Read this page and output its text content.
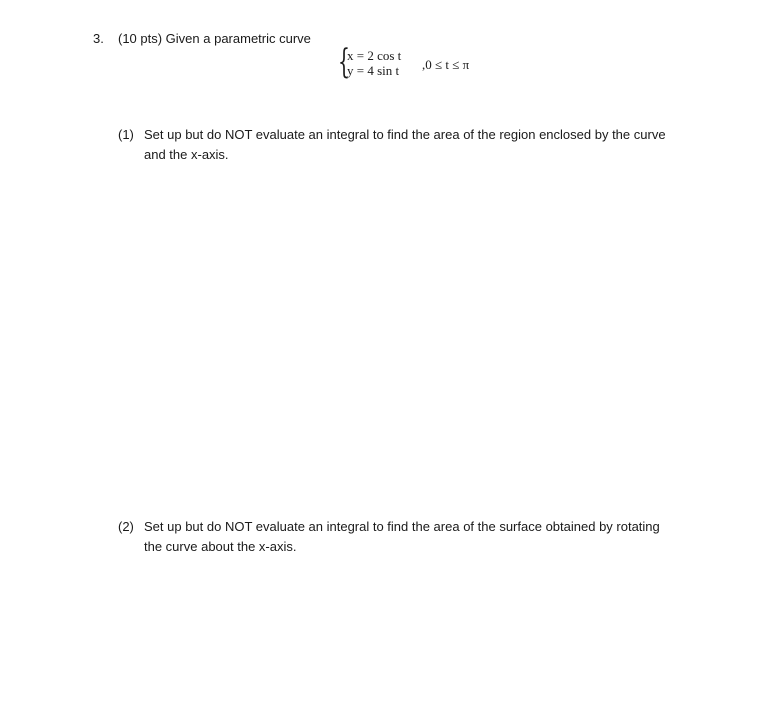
3. (10 pts) Given a parametric curve
{
x = 2 cos t
y = 4 sin t ,0 ≤ t ≤ π
(1) Set up but do NOT evaluate an integral to find the area of the region enclosed by the curve
and the x-axis.
(2) Set up but do NOT evaluate an integral to find the area of the surface obtained by rotating
the curve about the x-axis.
